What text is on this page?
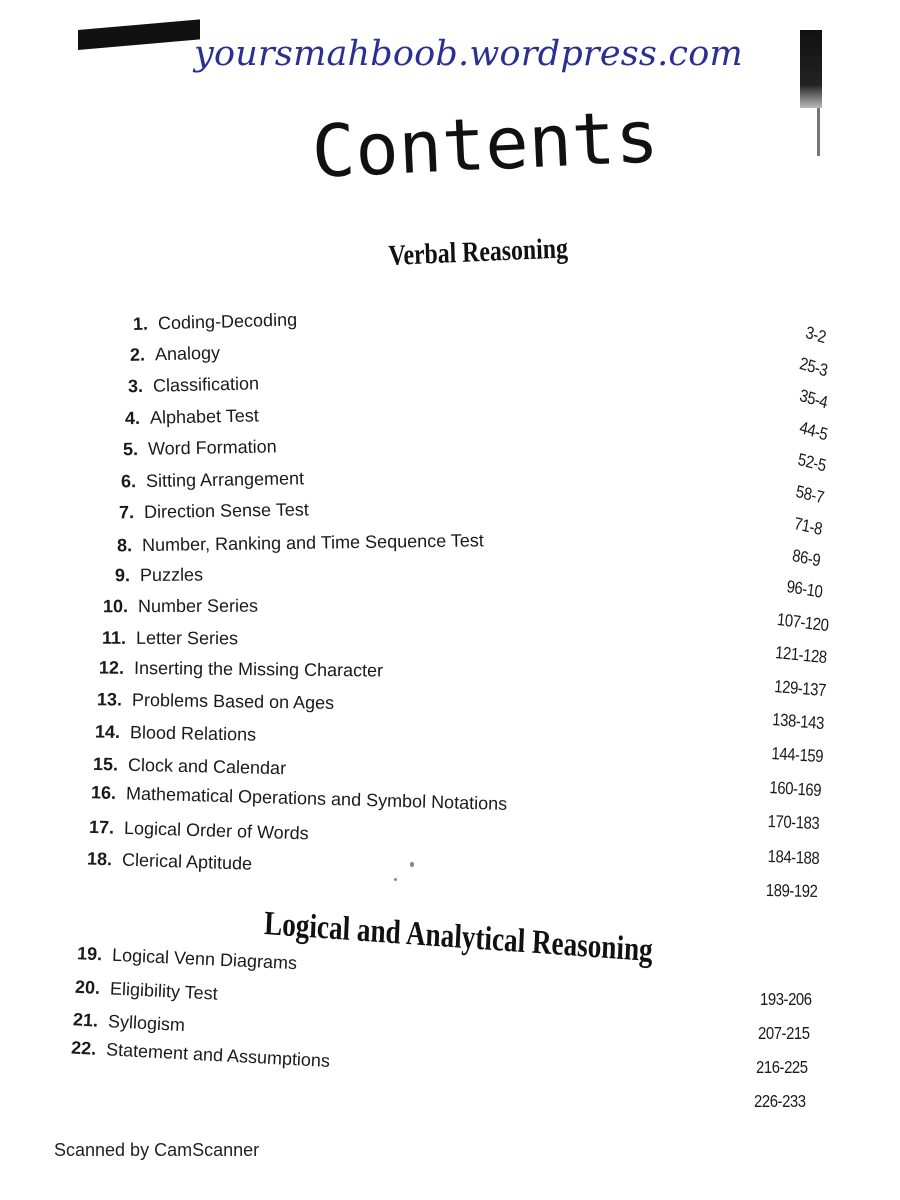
yoursmahboob.wordpress.com
Contents
Verbal Reasoning
1. Coding-Decoding
2. Analogy
3. Classification
4. Alphabet Test
5. Word Formation
6. Sitting Arrangement
7. Direction Sense Test
8. Number, Ranking and Time Sequence Test
9. Puzzles
10. Number Series
11. Letter Series
12. Inserting the Missing Character
13. Problems Based on Ages
14. Blood Relations
15. Clock and Calendar
16. Mathematical Operations and Symbol Notations
17. Logical Order of Words
18. Clerical Aptitude
Logical and Analytical Reasoning
19. Logical Venn Diagrams
20. Eligibility Test
21. Syllogism
22. Statement and Assumptions
3-2
25-3
35-4
44-5
52-5
58-7
71-8
86-9
96-10
107-120
121-128
129-137
138-143
144-159
160-169
170-183
184-188
189-192
193-206
207-215
216-225
226-233
Scanned by CamScanner
